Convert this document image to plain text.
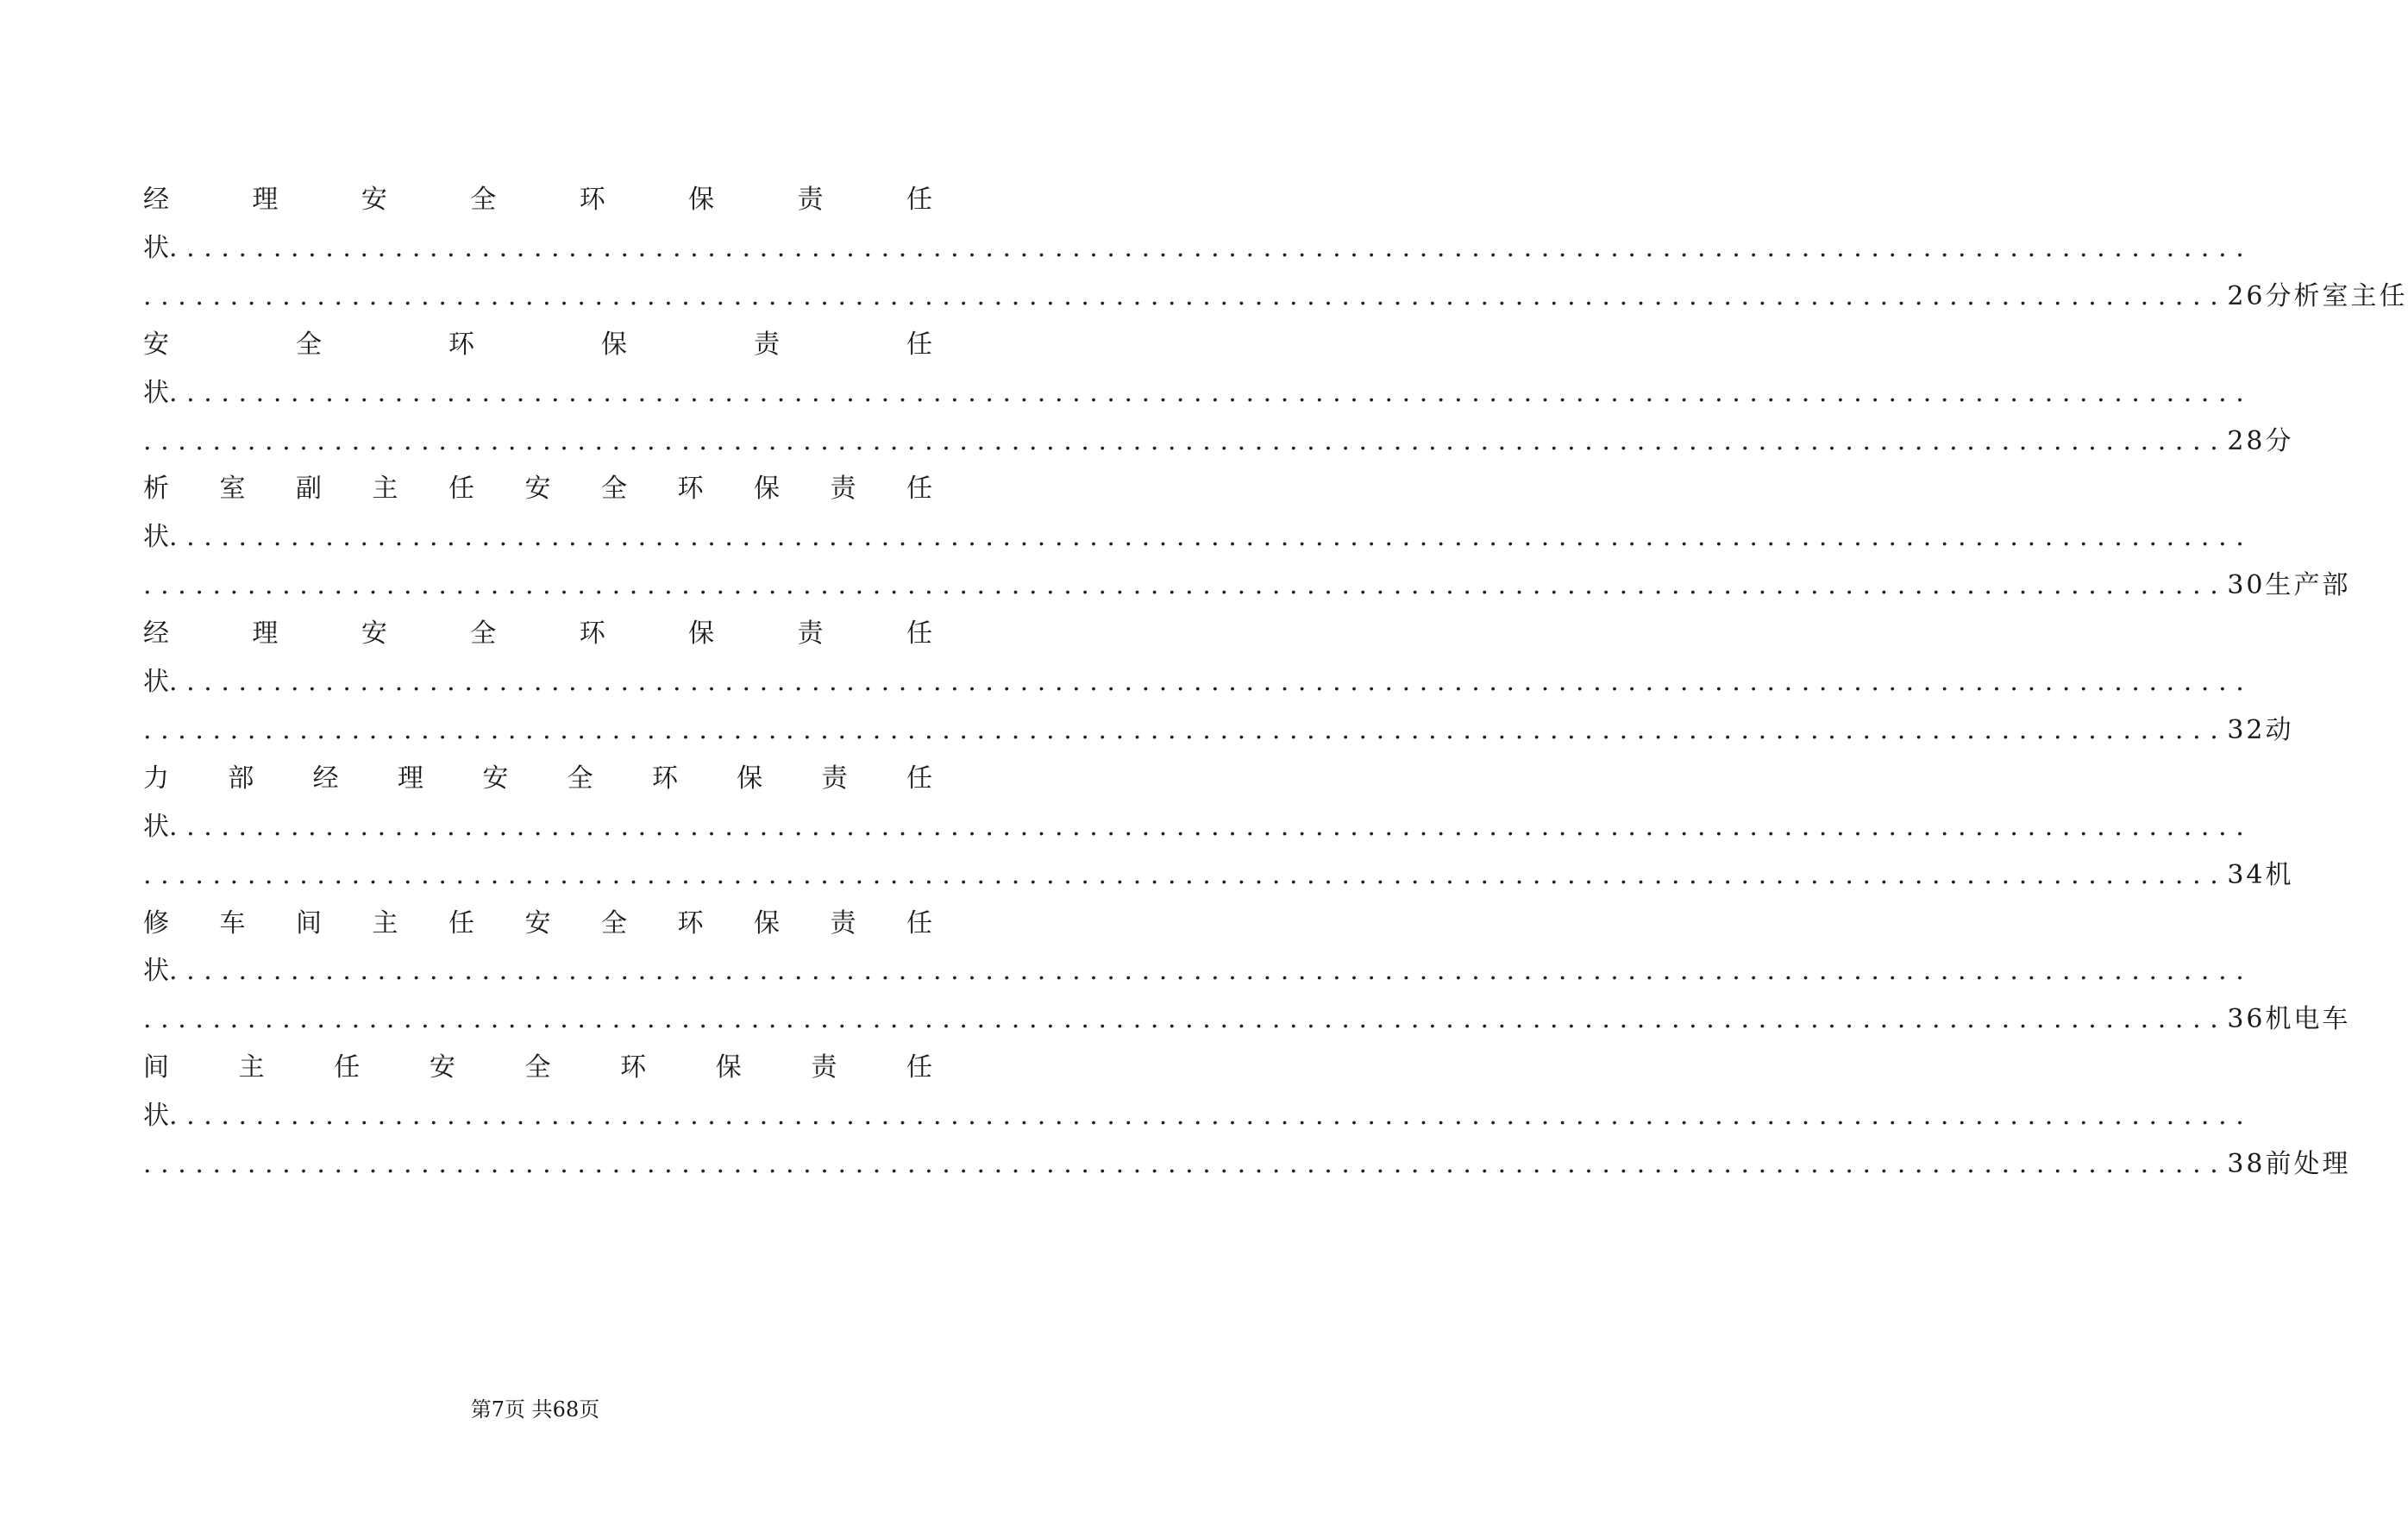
经	理	安	全	环	保	责	任
状 ........................................................................................................................
........................................................................................................................ 26分析室主任
安	全	环	保	责	任
状 ........................................................................................................................
........................................................................................................................ 28分
析 室 副 主 任 安 全 环 保 责 任
状 ........................................................................................................................
........................................................................................................................ 30生产部
经	理	安	全	环	保	责	任
状 ........................................................................................................................
........................................................................................................................ 32动
力 部 经 理 安 全 环 保 责 任
状 ........................................................................................................................
........................................................................................................................ 34机
修 车 间 主 任 安 全 环 保 责 任
状 ........................................................................................................................
........................................................................................................................ 36机电车
间	主	任	安	全	环	保	责	任
状 ........................................................................................................................
........................................................................................................................ 38前处理
第7页 共68页
